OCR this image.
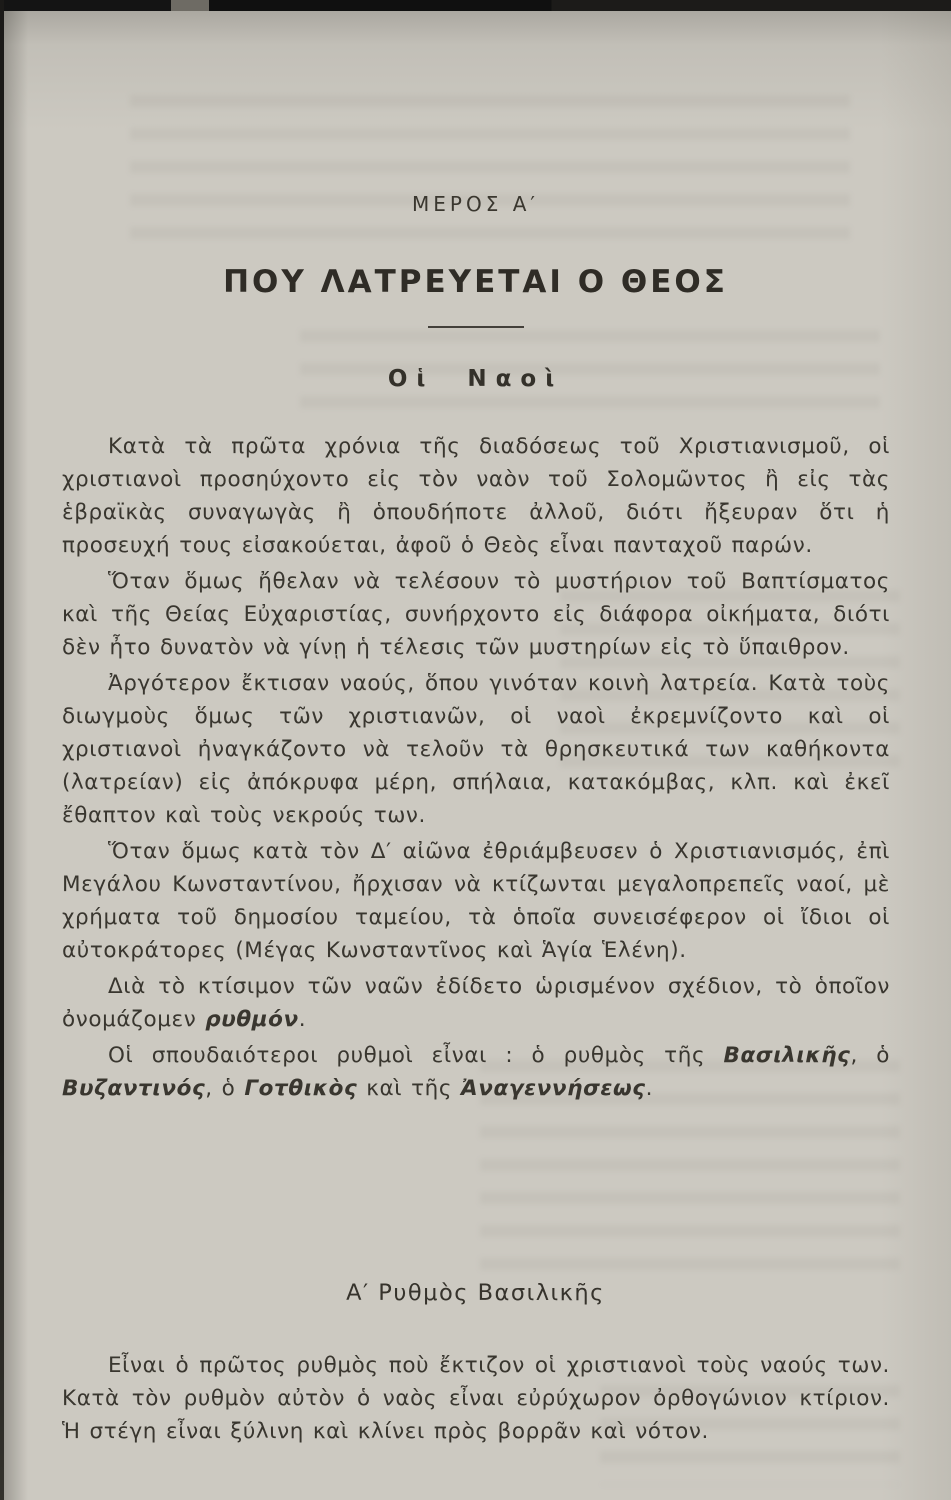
ΜΕΡΟΣ Α′
ΠΟΥ ΛΑΤΡΕΥΕΤΑΙ Ο ΘΕΟΣ
Οἱ Ναοὶ

Κατὰ τὰ πρῶτα χρόνια τῆς διαδόσεως τοῦ Χριστιανισμοῦ, οἱ χριστιανοὶ προσηύχοντο εἰς τὸν ναὸν τοῦ Σολομῶντος ἢ εἰς τὰς ἑβραϊκὰς συναγωγὰς ἢ ὁπουδήποτε ἀλλοῦ, διότι ἤξευραν ὅτι ἡ προσευχή τους εἰσακούεται, ἀφοῦ ὁ Θεὸς εἶναι πανταχοῦ παρών.

Ὅταν ὅμως ἤθελαν νὰ τελέσουν τὸ μυστήριον τοῦ Βαπτίσματος καὶ τῆς Θείας Εὐχαριστίας, συνήρχοντο εἰς διάφορα οἰκήματα, διότι δὲν ἦτο δυνατὸν νὰ γίνῃ ἡ τέλεσις τῶν μυστηρίων εἰς τὸ ὕπαιθρον.

Ἀργότερον ἔκτισαν ναούς, ὅπου γινόταν κοινὴ λατρεία. Κατὰ τοὺς διωγμοὺς ὅμως τῶν χριστιανῶν, οἱ ναοὶ ἐκρεμνίζοντο καὶ οἱ χριστιανοὶ ἠναγκάζοντο νὰ τελοῦν τὰ θρησκευτικά των καθήκοντα (λατρείαν) εἰς ἀπόκρυφα μέρη, σπήλαια, κατακόμβας, κλπ. καὶ ἐκεῖ ἔθαπτον καὶ τοὺς νεκρούς των.

Ὅταν ὅμως κατὰ τὸν Δ′ αἰῶνα ἐθριάμβευσεν ὁ Χριστιανισμός, ἐπὶ Μεγάλου Κωνσταντίνου, ἤρχισαν νὰ κτίζωνται μεγαλοπρεπεῖς ναοί, μὲ χρήματα τοῦ δημοσίου ταμείου, τὰ ὁποῖα συνεισέφερον οἱ ἴδιοι οἱ αὐτοκράτορες (Μέγας Κωνσταντῖνος καὶ Ἁγία Ἑλένη).

Διὰ τὸ κτίσιμον τῶν ναῶν ἐδίδετο ὡρισμένον σχέδιον, τὸ ὁποῖον ὀνομάζομεν ρυθμόν.

Οἱ σπουδαιότεροι ρυθμοὶ εἶναι : ὁ ρυθμὸς τῆς Βασιλικῆς, ὁ Βυζαντινός, ὁ Γοτθικὸς καὶ τῆς Ἀναγεννήσεως.

Α′ Ρυθμὸς Βασιλικῆς

Εἶναι ὁ πρῶτος ρυθμὸς ποὺ ἔκτιζον οἱ χριστιανοὶ τοὺς ναούς των. Κατὰ τὸν ρυθμὸν αὐτὸν ὁ ναὸς εἶναι εὐρύχωρον ὀρθογώνιον κτίριον. Ἡ στέγη εἶναι ξύλινη καὶ κλίνει πρὸς βορρᾶν καὶ νότον.
